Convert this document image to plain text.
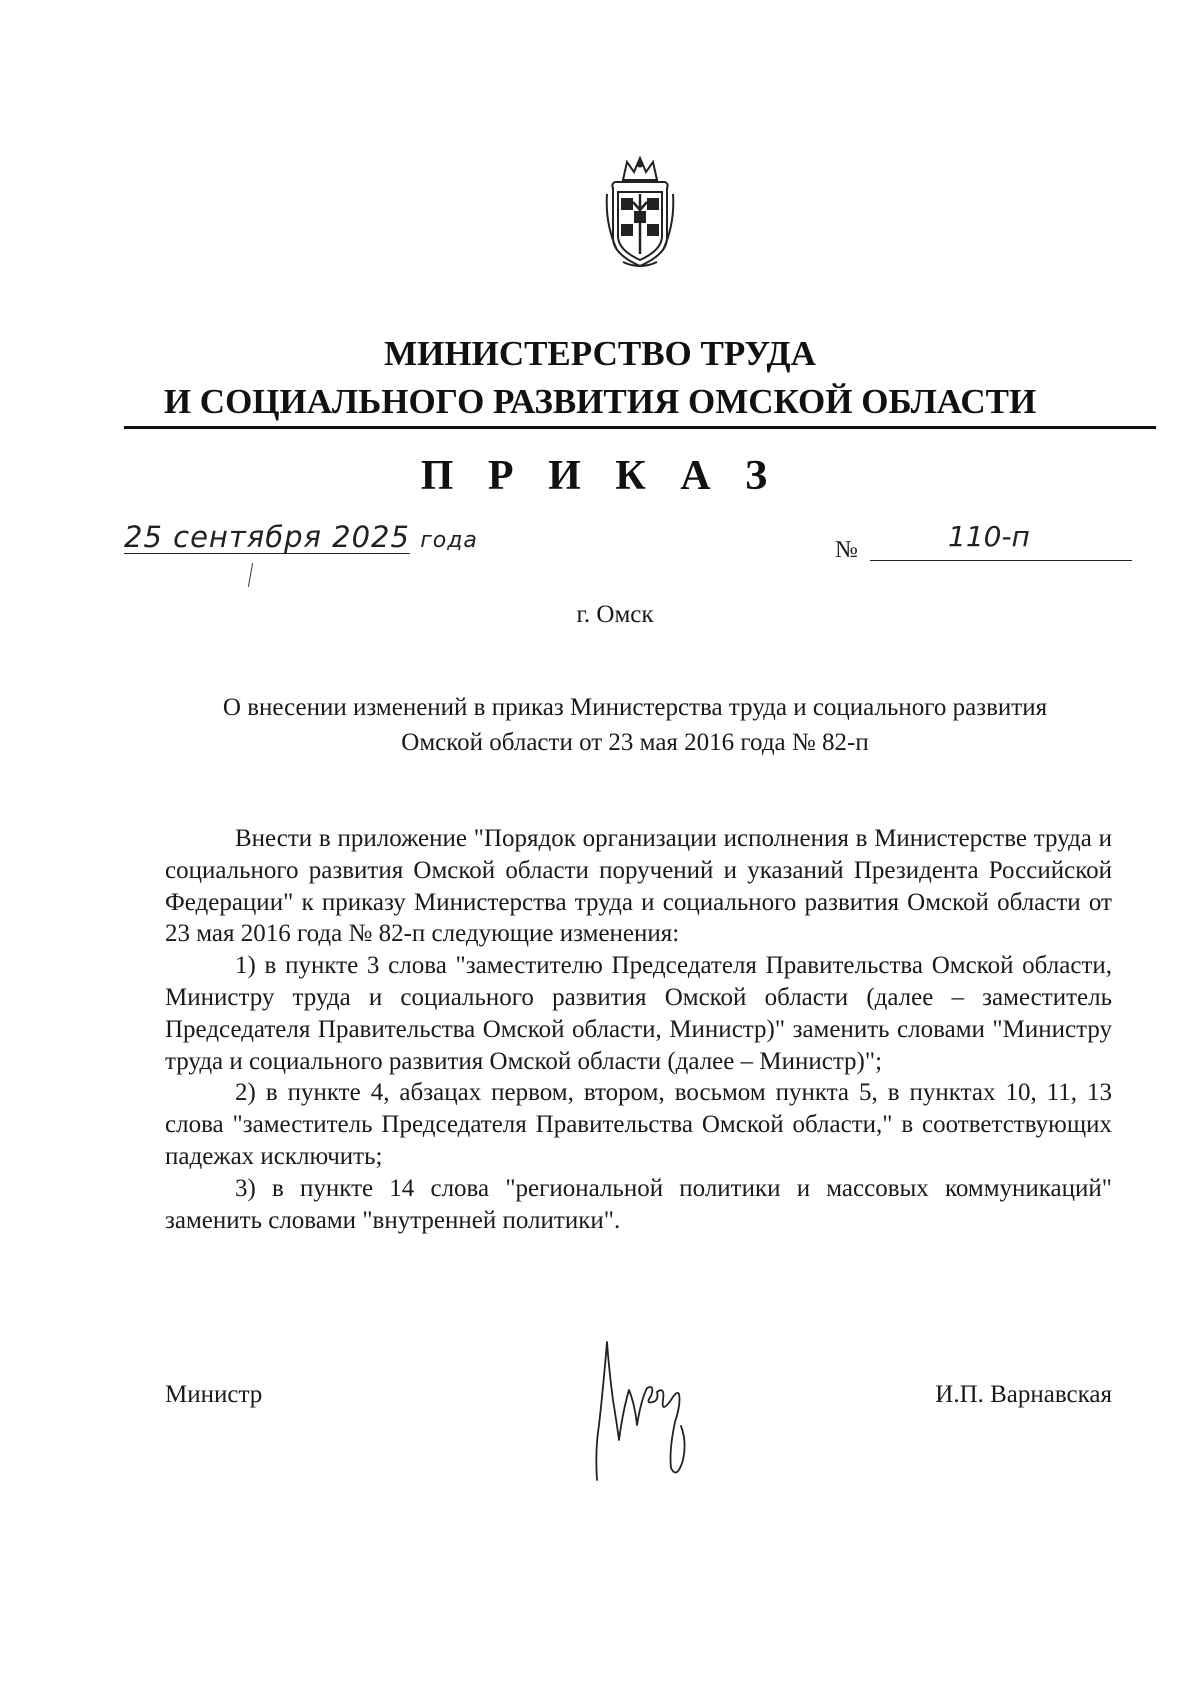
МИНИСТЕРСТВО ТРУДА
И СОЦИАЛЬНОГО РАЗВИТИЯ ОМСКОЙ ОБЛАСТИ
П Р И К А З
25 сентября 2025 года	№	110-п
г. Омск
О внесении изменений в приказ Министерства труда и социального развития
Омской области от 23 мая 2016 года № 82-п

Внести в приложение "Порядок организации исполнения в Министерстве труда и социального развития Омской области поручений и указаний Президента Российской Федерации" к приказу Министерства труда и социального развития Омской области от 23 мая 2016 года № 82-п следующие изменения:

1) в пункте 3 слова "заместителю Председателя Правительства Омской области, Министру труда и социального развития Омской области (далее – заместитель Председателя Правительства Омской области, Министр)" заменить словами "Министру труда и социального развития Омской области (далее – Министр)";

2) в пункте 4, абзацах первом, втором, восьмом пункта 5, в пунктах 10, 11, 13 слова "заместитель Председателя Правительства Омской области," в соответствующих падежах исключить;

3) в пункте 14 слова "региональной политики и массовых коммуникаций" заменить словами "внутренней политики".

Министр	И.П. Варнавская
